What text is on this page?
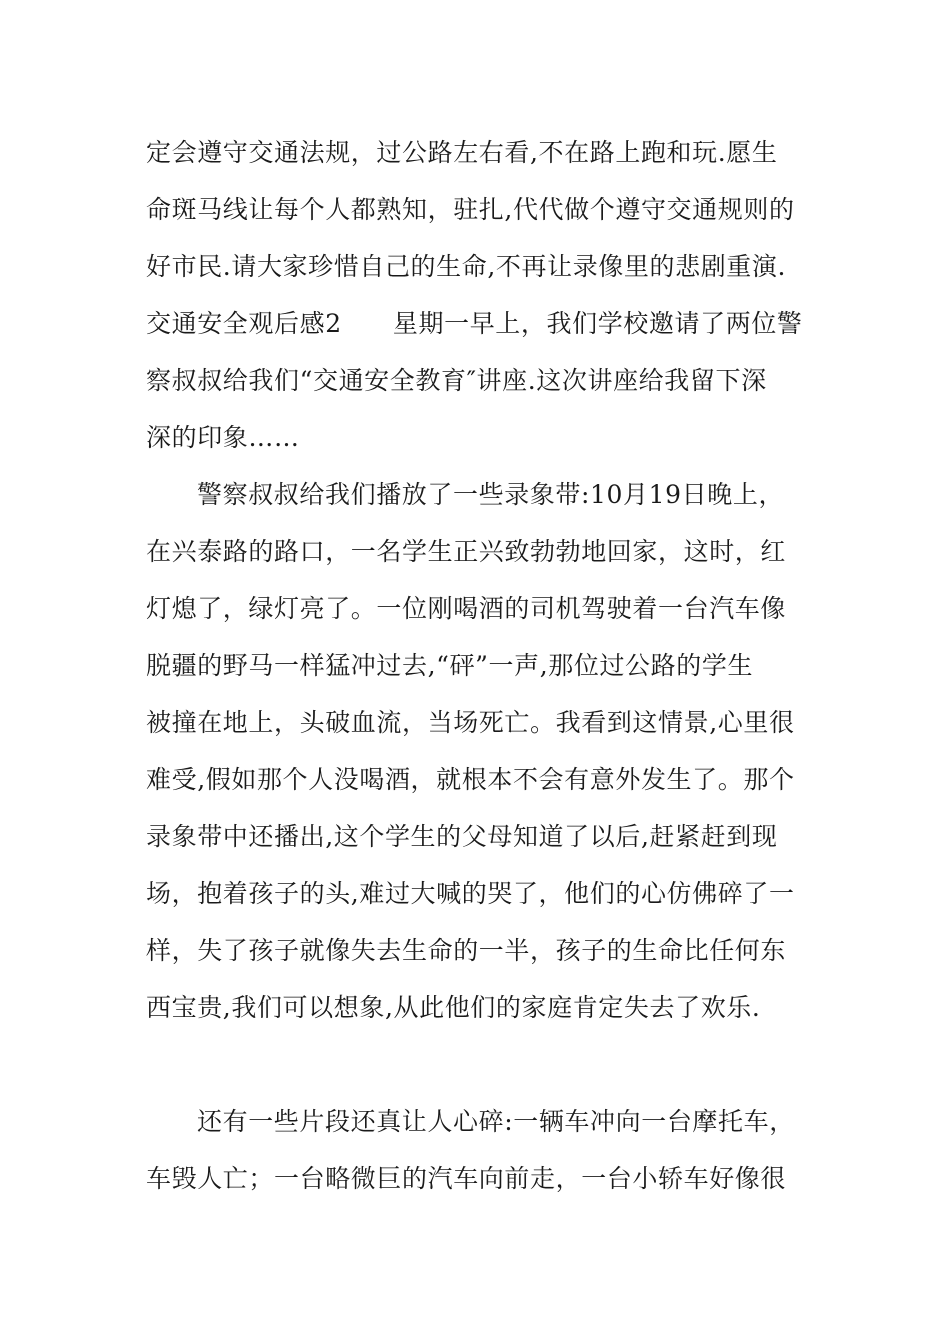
定会遵守交通法规，过公路左右看,不在路上跑和玩.愿生
命斑马线让每个人都熟知，驻扎,代代做个遵守交通规则的
好市民.请大家珍惜自己的生命,不再让录像里的悲剧重演.
交通安全观后感2　　星期一早上，我们学校邀请了两位警
察叔叔给我们“交通安全教育″讲座.这次讲座给我留下深
深的印象……
警察叔叔给我们播放了一些录象带:10月19日晚上，
在兴泰路的路口，一名学生正兴致勃勃地回家，这时，红
灯熄了，绿灯亮了。一位刚喝酒的司机驾驶着一台汽车像
脱疆的野马一样猛冲过去,“砰”一声,那位过公路的学生
被撞在地上，头破血流，当场死亡。我看到这情景,心里很
难受,假如那个人没喝酒，就根本不会有意外发生了。那个
录象带中还播出,这个学生的父母知道了以后,赶紧赶到现
场，抱着孩子的头,难过大喊的哭了，他们的心仿佛碎了一
样，失了孩子就像失去生命的一半，孩子的生命比任何东
西宝贵,我们可以想象,从此他们的家庭肯定失去了欢乐.
还有一些片段还真让人心碎:一辆车冲向一台摩托车，
车毁人亡；一台略微巨的汽车向前走，一台小轿车好像很
